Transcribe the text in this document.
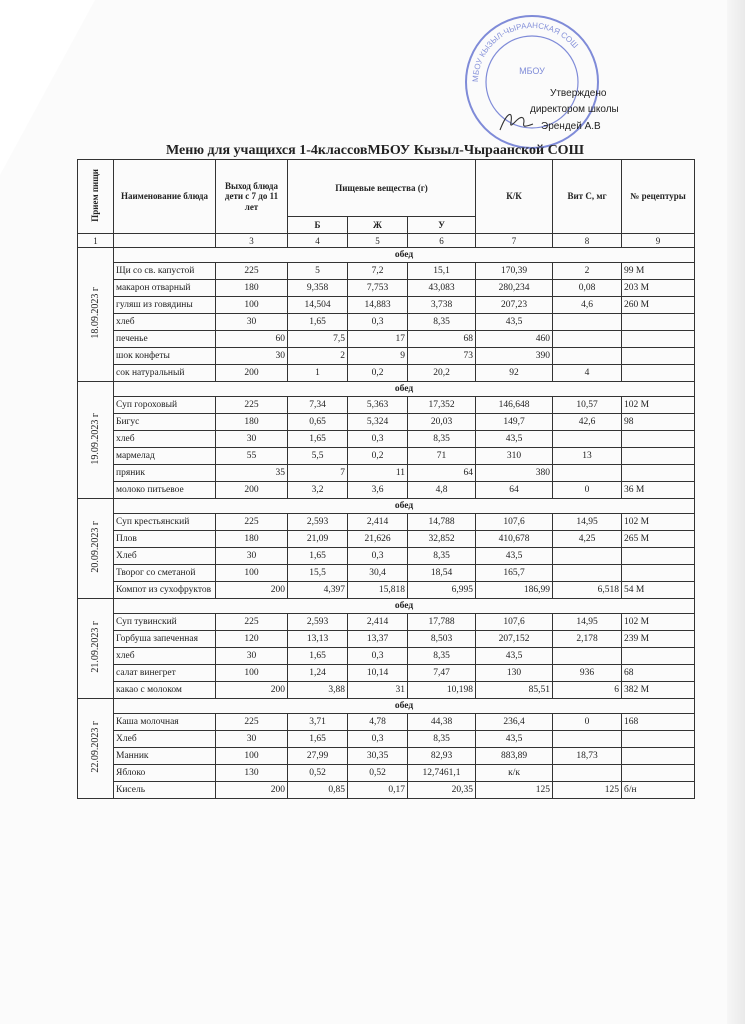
МБОУ КЫЗЫЛ-ЧЫРААНСКАЯ СОШ
МБОУ
Утверждено
директором школы
Эрендей А.В
Меню для учащихся 1-4классовМБОУ Кызыл-Чыраанской СОШ
Прием пищи	Наименование блюда	Выход блюда дети с 7 до 11 лет	Пищевые вещества (г)			К/К	Вит С, мг	№ рецептуры
			Б	Ж	У			
1		3	4	5	6	7	8	9
18.09.2023 г	обед							
	Щи со св. капустой	225	5	7,2	15,1	170,39	2	99 М
	макарон отварный	180	9,358	7,753	43,083	280,234	0,08	203 М
	гуляш из говядины	100	14,504	14,883	3,738	207,23	4,6	260 М
	хлеб	30	1,65	0,3	8,35	43,5		
	печенье	60	7,5	17	68	460		
	шок конфеты	30	2	9	73	390		
	сок натуральный	200	1	0,2	20,2	92	4	
19.09.2023 г	обед							
	Суп гороховый	225	7,34	5,363	17,352	146,648	10,57	102 М
	Бигус	180	0,65	5,324	20,03	149,7	42,6	98
	хлеб	30	1,65	0,3	8,35	43,5		
	мармелад	55	5,5	0,2	71	310	13	
	пряник	35	7	11	64	380		
	молоко питьевое	200	3,2	3,6	4,8	64	0	36 М
20.09.2023 г	обед							
	Суп крестьянский	225	2,593	2,414	14,788	107,6	14,95	102 М
	Плов	180	21,09	21,626	32,852	410,678	4,25	265 М
	Хлеб	30	1,65	0,3	8,35	43,5		
	Творог со сметаной	100	15,5	30,4	18,54	165,7		
	Компот из сухофруктов	200	4,397	15,818	6,995	186,99	6,518	54 М
21.09.2023 г	обед							
	Суп тувинский	225	2,593	2,414	17,788	107,6	14,95	102 М
	Горбуша запеченная	120	13,13	13,37	8,503	207,152	2,178	239 М
	хлеб	30	1,65	0,3	8,35	43,5		
	салат винегрет	100	1,24	10,14	7,47	130	936	68
	какао с молоком	200	3,88	31	10,198	85,51	6	382 М
22.09.2023 г	обед							
	Каша молочная	225	3,71	4,78	44,38	236,4	0	168
	Хлеб	30	1,65	0,3	8,35	43,5		
	Манник	100	27,99	30,35	82,93	883,89	18,73	
	Яблоко	130	0,52	0,52	12,7461,1	к/к		
	Кисель	200	0,85	0,17	20,35	125	125	б/н
